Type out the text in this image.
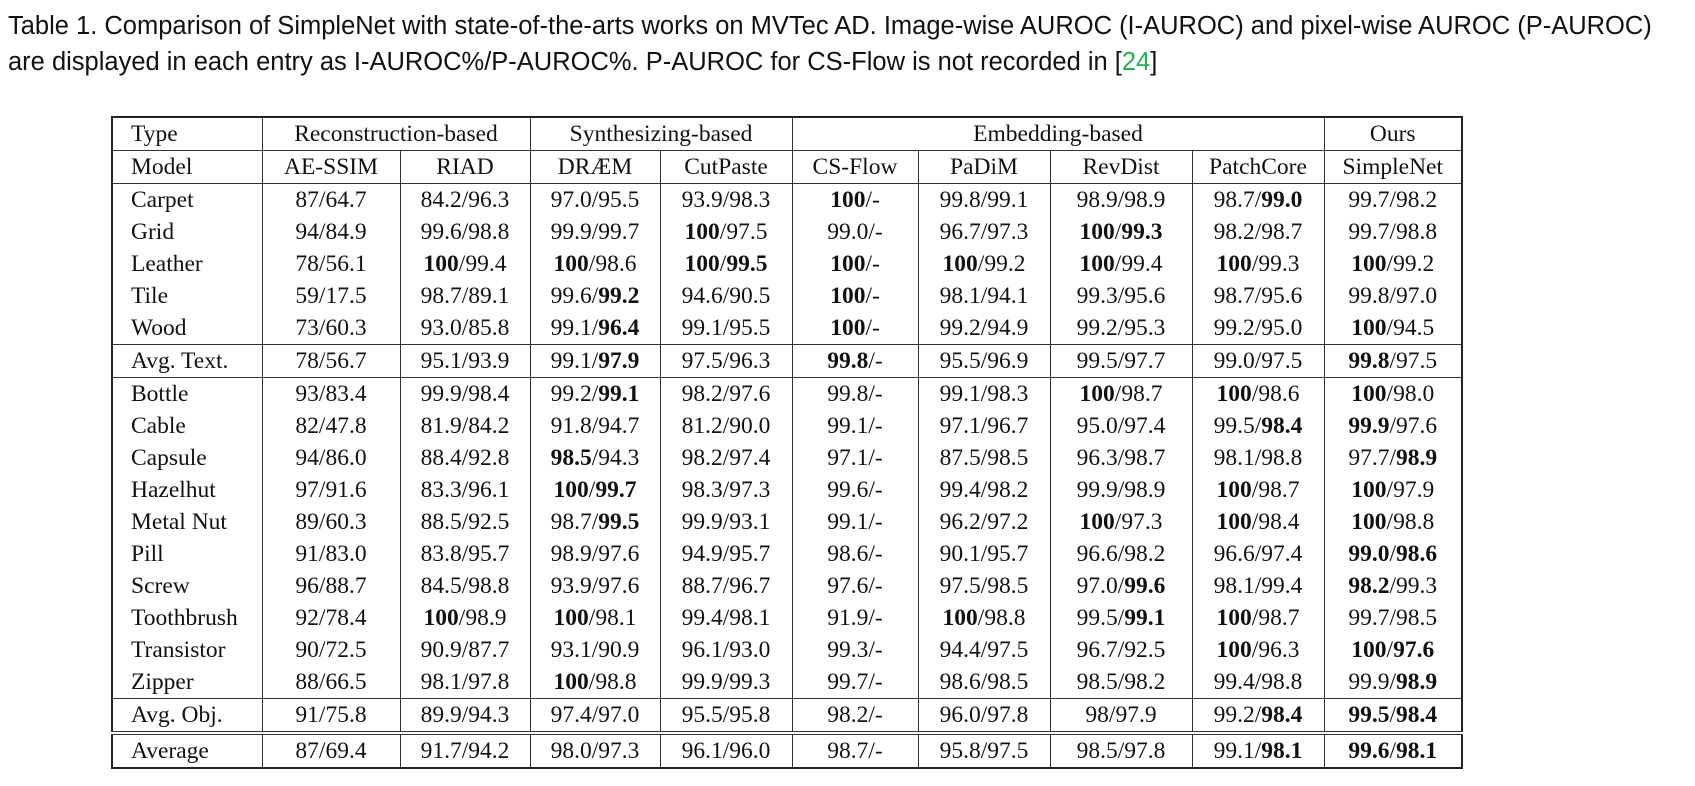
Table 1. Comparison of SimpleNet with state-of-the-arts works on MVTec AD. Image-wise AUROC (I-AUROC) and pixel-wise AUROC (P-AUROC) are displayed in each entry as I-AUROC%/P-AUROC%. P-AUROC for CS-Flow is not recorded in [24]
Type	Reconstruction-based		Synthesizing-based		Embedding-based				Ours
Model	AE-SSIM	RIAD	DRÆM	CutPaste	CS-Flow	PaDiM	RevDist	PatchCore	SimpleNet
Carpet	87/64.7	84.2/96.3	97.0/95.5	93.9/98.3	100/-	99.8/99.1	98.9/98.9	98.7/99.0	99.7/98.2
Grid	94/84.9	99.6/98.8	99.9/99.7	100/97.5	99.0/-	96.7/97.3	100/99.3	98.2/98.7	99.7/98.8
Leather	78/56.1	100/99.4	100/98.6	100/99.5	100/-	100/99.2	100/99.4	100/99.3	100/99.2
Tile	59/17.5	98.7/89.1	99.6/99.2	94.6/90.5	100/-	98.1/94.1	99.3/95.6	98.7/95.6	99.8/97.0
Wood	73/60.3	93.0/85.8	99.1/96.4	99.1/95.5	100/-	99.2/94.9	99.2/95.3	99.2/95.0	100/94.5
Avg. Text.	78/56.7	95.1/93.9	99.1/97.9	97.5/96.3	99.8/-	95.5/96.9	99.5/97.7	99.0/97.5	99.8/97.5
Bottle	93/83.4	99.9/98.4	99.2/99.1	98.2/97.6	99.8/-	99.1/98.3	100/98.7	100/98.6	100/98.0
Cable	82/47.8	81.9/84.2	91.8/94.7	81.2/90.0	99.1/-	97.1/96.7	95.0/97.4	99.5/98.4	99.9/97.6
Capsule	94/86.0	88.4/92.8	98.5/94.3	98.2/97.4	97.1/-	87.5/98.5	96.3/98.7	98.1/98.8	97.7/98.9
Hazelhut	97/91.6	83.3/96.1	100/99.7	98.3/97.3	99.6/-	99.4/98.2	99.9/98.9	100/98.7	100/97.9
Metal Nut	89/60.3	88.5/92.5	98.7/99.5	99.9/93.1	99.1/-	96.2/97.2	100/97.3	100/98.4	100/98.8
Pill	91/83.0	83.8/95.7	98.9/97.6	94.9/95.7	98.6/-	90.1/95.7	96.6/98.2	96.6/97.4	99.0/98.6
Screw	96/88.7	84.5/98.8	93.9/97.6	88.7/96.7	97.6/-	97.5/98.5	97.0/99.6	98.1/99.4	98.2/99.3
Toothbrush	92/78.4	100/98.9	100/98.1	99.4/98.1	91.9/-	100/98.8	99.5/99.1	100/98.7	99.7/98.5
Transistor	90/72.5	90.9/87.7	93.1/90.9	96.1/93.0	99.3/-	94.4/97.5	96.7/92.5	100/96.3	100/97.6
Zipper	88/66.5	98.1/97.8	100/98.8	99.9/99.3	99.7/-	98.6/98.5	98.5/98.2	99.4/98.8	99.9/98.9
Avg. Obj.	91/75.8	89.9/94.3	97.4/97.0	95.5/95.8	98.2/-	96.0/97.8	98/97.9	99.2/98.4	99.5/98.4
Average	87/69.4	91.7/94.2	98.0/97.3	96.1/96.0	98.7/-	95.8/97.5	98.5/97.8	99.1/98.1	99.6/98.1
